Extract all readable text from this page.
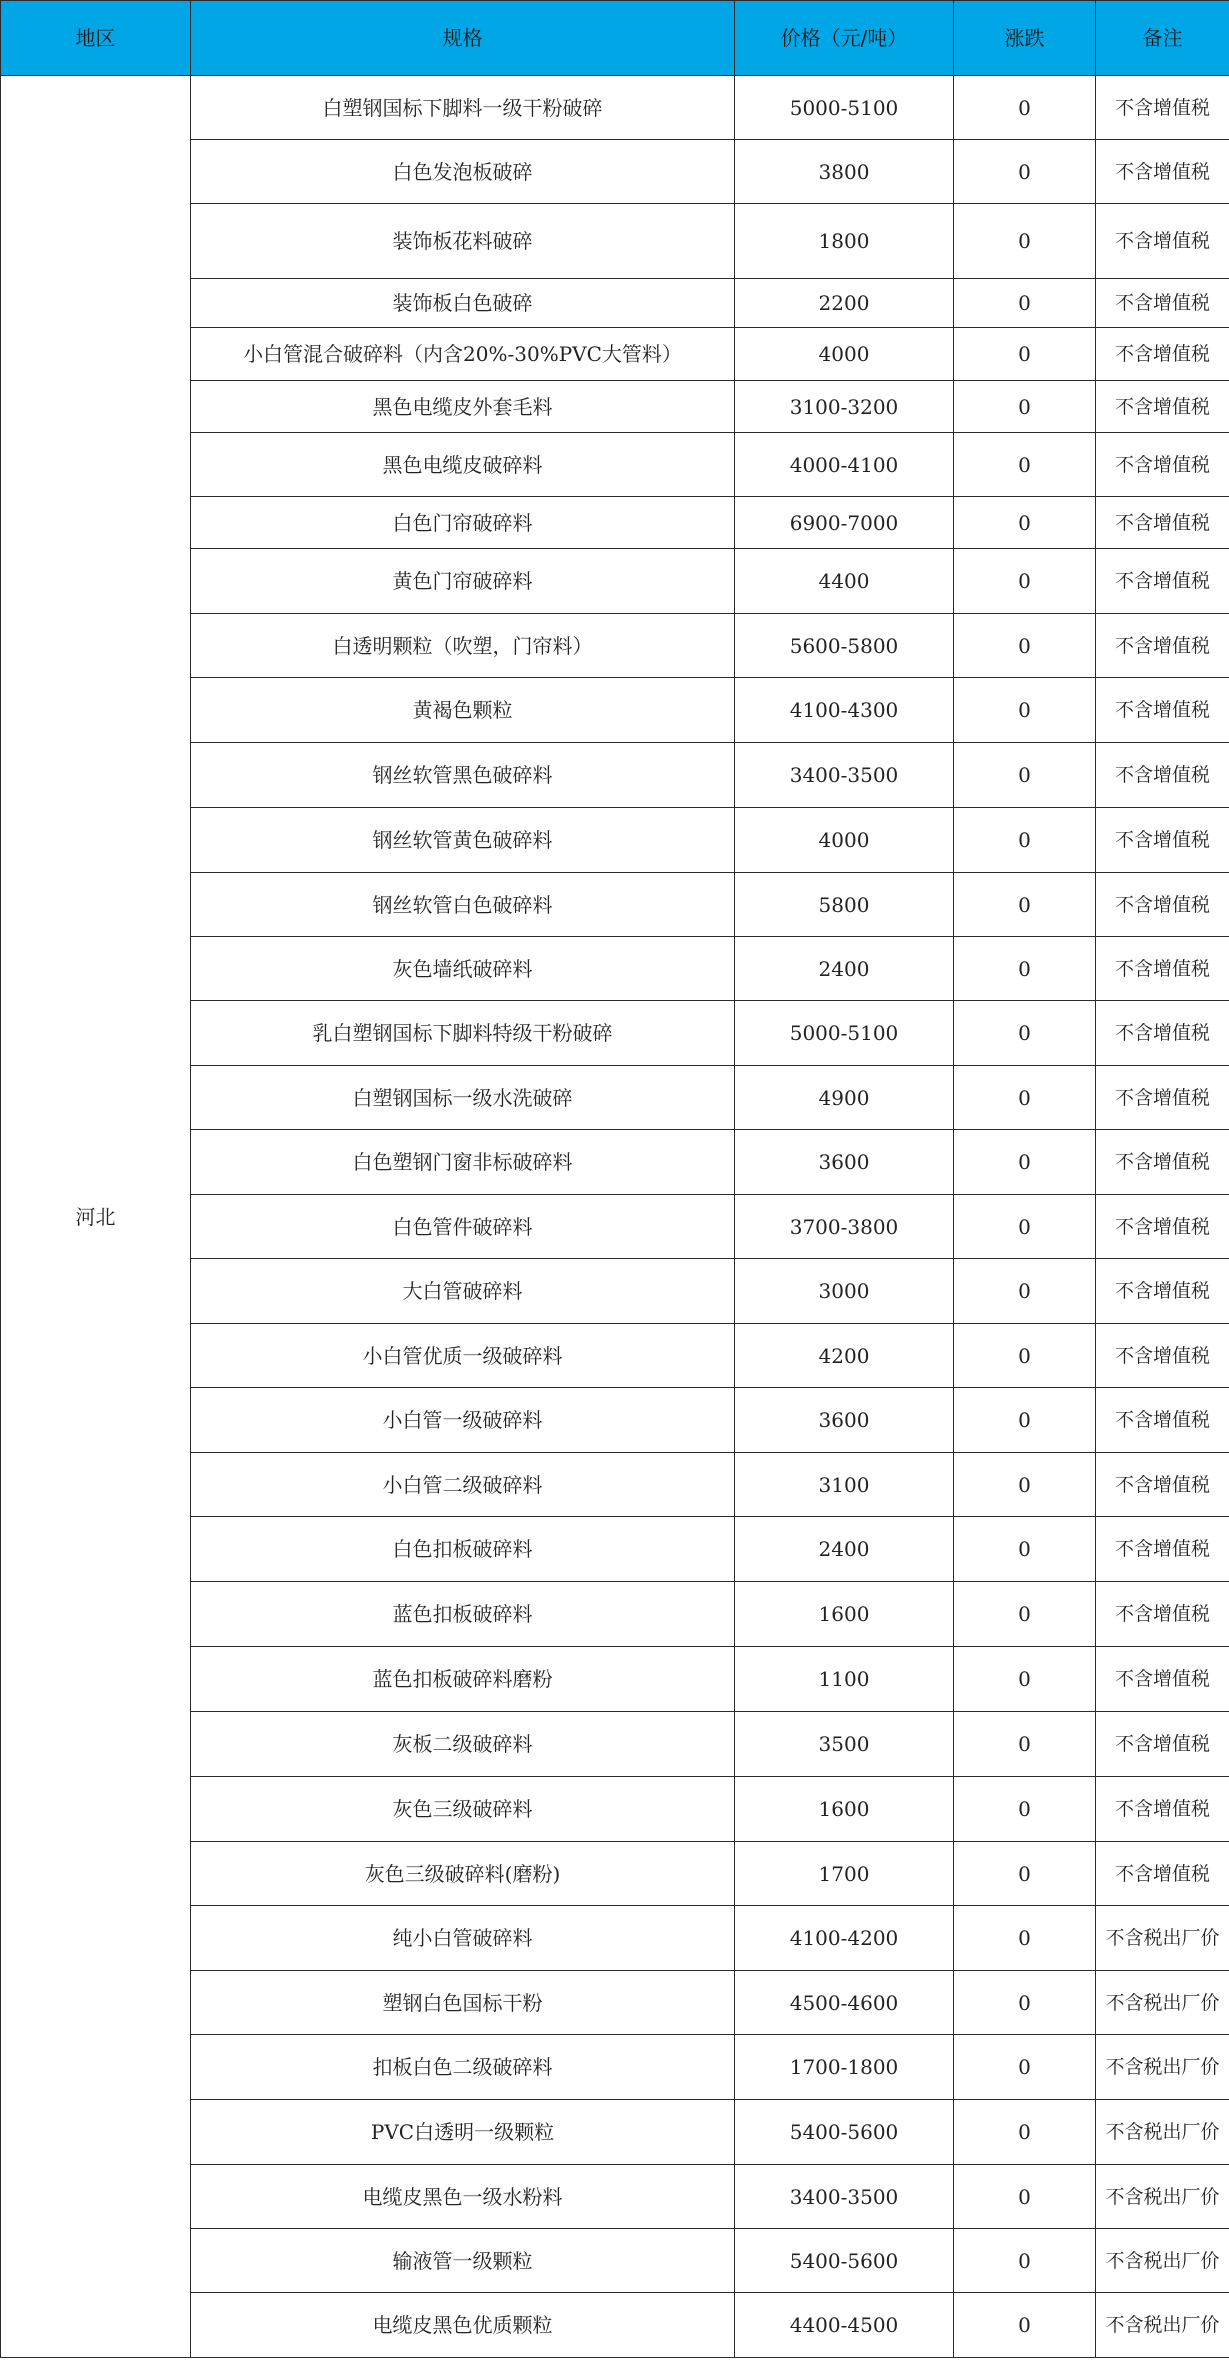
地区	规格	价格（元/吨）	涨跌	备注
河北	白塑钢国标下脚料一级干粉破碎	5000-5100	0	不含增值税
	白色发泡板破碎	3800	0	不含增值税
	装饰板花料破碎	1800	0	不含增值税
	装饰板白色破碎	2200	0	不含增值税
	小白管混合破碎料（内含20%-30%PVC大管料）	4000	0	不含增值税
	黑色电缆皮外套毛料	3100-3200	0	不含增值税
	黑色电缆皮破碎料	4000-4100	0	不含增值税
	白色门帘破碎料	6900-7000	0	不含增值税
	黄色门帘破碎料	4400	0	不含增值税
	白透明颗粒（吹塑，门帘料）	5600-5800	0	不含增值税
	黄褐色颗粒	4100-4300	0	不含增值税
	钢丝软管黑色破碎料	3400-3500	0	不含增值税
	钢丝软管黄色破碎料	4000	0	不含增值税
	钢丝软管白色破碎料	5800	0	不含增值税
	灰色墙纸破碎料	2400	0	不含增值税
	乳白塑钢国标下脚料特级干粉破碎	5000-5100	0	不含增值税
	白塑钢国标一级水洗破碎	4900	0	不含增值税
	白色塑钢门窗非标破碎料	3600	0	不含增值税
	白色管件破碎料	3700-3800	0	不含增值税
	大白管破碎料	3000	0	不含增值税
	小白管优质一级破碎料	4200	0	不含增值税
	小白管一级破碎料	3600	0	不含增值税
	小白管二级破碎料	3100	0	不含增值税
	白色扣板破碎料	2400	0	不含增值税
	蓝色扣板破碎料	1600	0	不含增值税
	蓝色扣板破碎料磨粉	1100	0	不含增值税
	灰板二级破碎料	3500	0	不含增值税
	灰色三级破碎料	1600	0	不含增值税
	灰色三级破碎料(磨粉)	1700	0	不含增值税
	纯小白管破碎料	4100-4200	0	不含税出厂价
	塑钢白色国标干粉	4500-4600	0	不含税出厂价
	扣板白色二级破碎料	1700-1800	0	不含税出厂价
	PVC白透明一级颗粒	5400-5600	0	不含税出厂价
	电缆皮黑色一级水粉料	3400-3500	0	不含税出厂价
	输液管一级颗粒	5400-5600	0	不含税出厂价
	电缆皮黑色优质颗粒	4400-4500	0	不含税出厂价
